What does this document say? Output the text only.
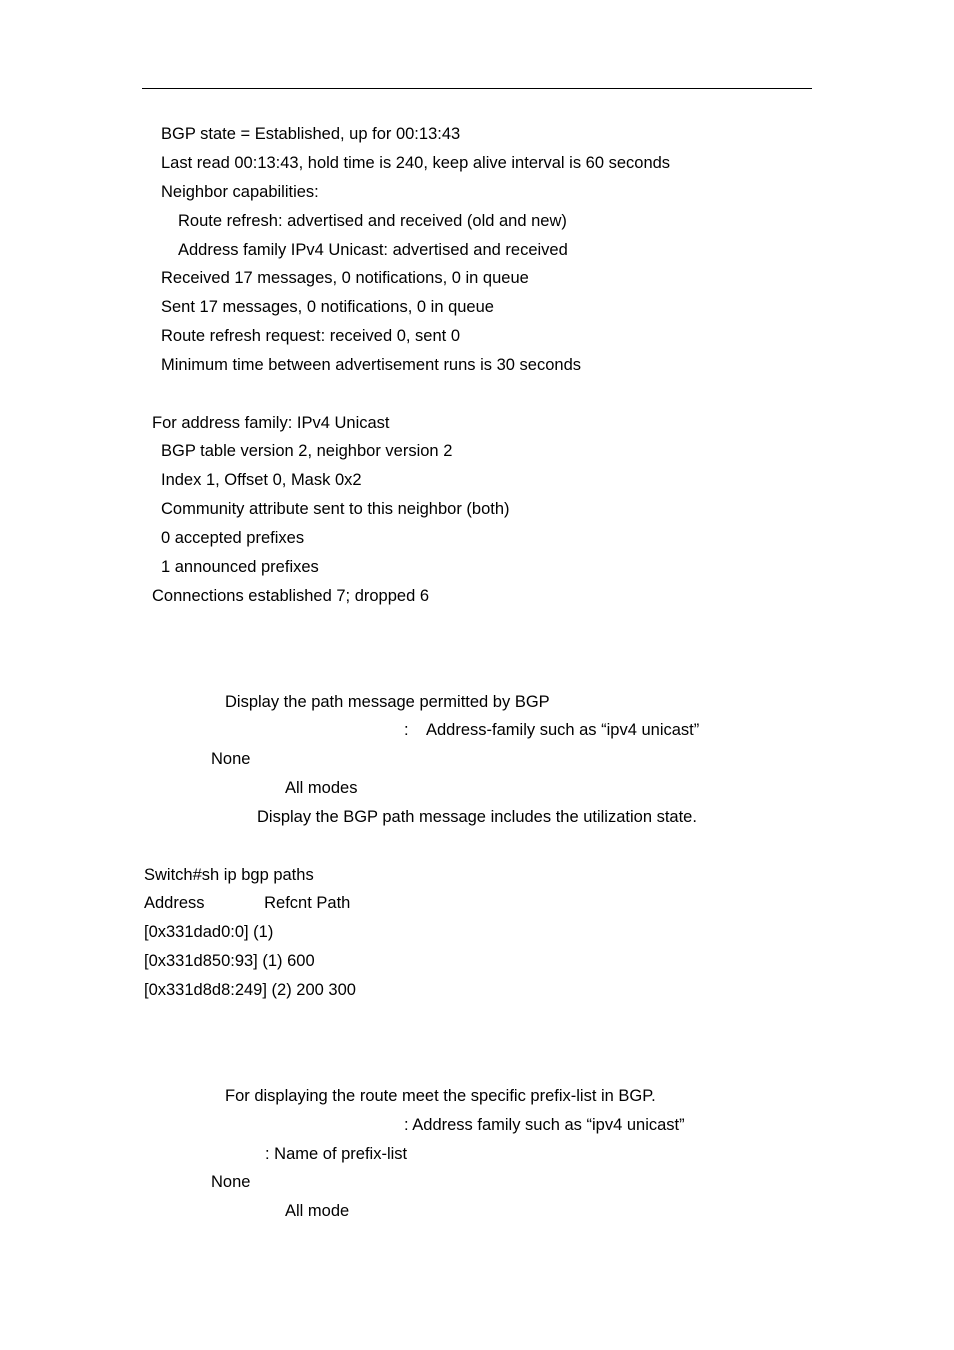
BGP state = Established, up for 00:13:43
Last read 00:13:43, hold time is 240, keep alive interval is 60 seconds
Neighbor capabilities:
Route refresh: advertised and received (old and new)
Address family IPv4 Unicast: advertised and received
Received 17 messages, 0 notifications, 0 in queue
Sent 17 messages, 0 notifications, 0 in queue
Route refresh request: received 0, sent 0
Minimum time between advertisement runs is 30 seconds
For address family: IPv4 Unicast
BGP table version 2, neighbor version 2
Index 1, Offset 0, Mask 0x2
Community attribute sent to this neighbor (both)
0 accepted prefixes
1 announced prefixes
Connections established 7; dropped 6
Display the path message permitted by BGP
: Address-family such as “ipv4 unicast”
None
All modes
Display the BGP path message includes the utilization state.
Switch#sh ip bgp paths
Address             Refcnt Path
[0x331dad0:0] (1)
[0x331d850:93] (1) 600
[0x331d8d8:249] (2) 200 300
For displaying the route meet the specific prefix-list in BGP.
: Address family such as “ipv4 unicast”
: Name of prefix-list
None
All mode
